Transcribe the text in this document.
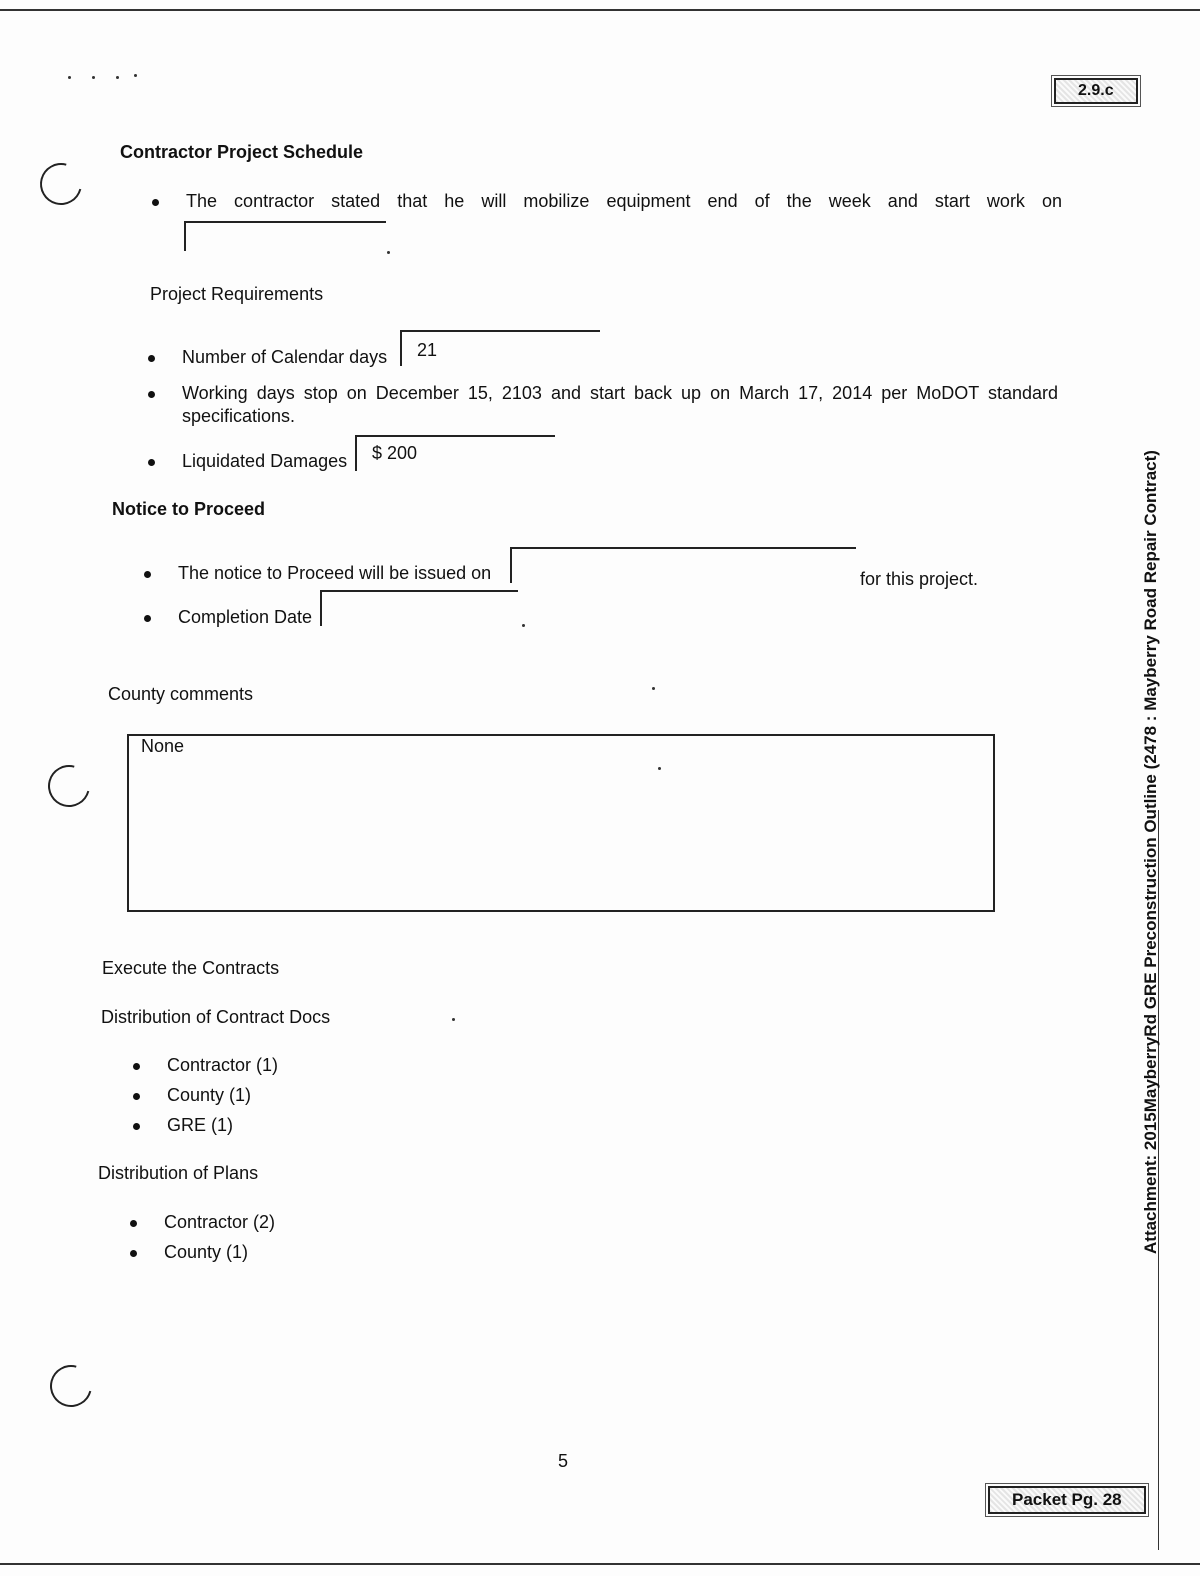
2.9.c
Contractor Project Schedule
The contractor stated that he will mobilize equipment end of the week and start work on
Project Requirements
Number of Calendar days 21
Working days stop on December 15, 2103 and start back up on March 17, 2014 per MoDOT standard
specifications.
Liquidated Damages $ 200
Notice to Proceed
The notice to Proceed will be issued on	for this project.
Completion Date
County comments
None
Execute the Contracts
Distribution of Contract Docs
Contractor (1)
County (1)
GRE (1)
Distribution of Plans
Contractor (2)
County (1)
5
Packet Pg. 28
Attachment: 2015MayberryRd GRE Preconstruction Outline (2478 : Mayberry Road Repair Contract)
